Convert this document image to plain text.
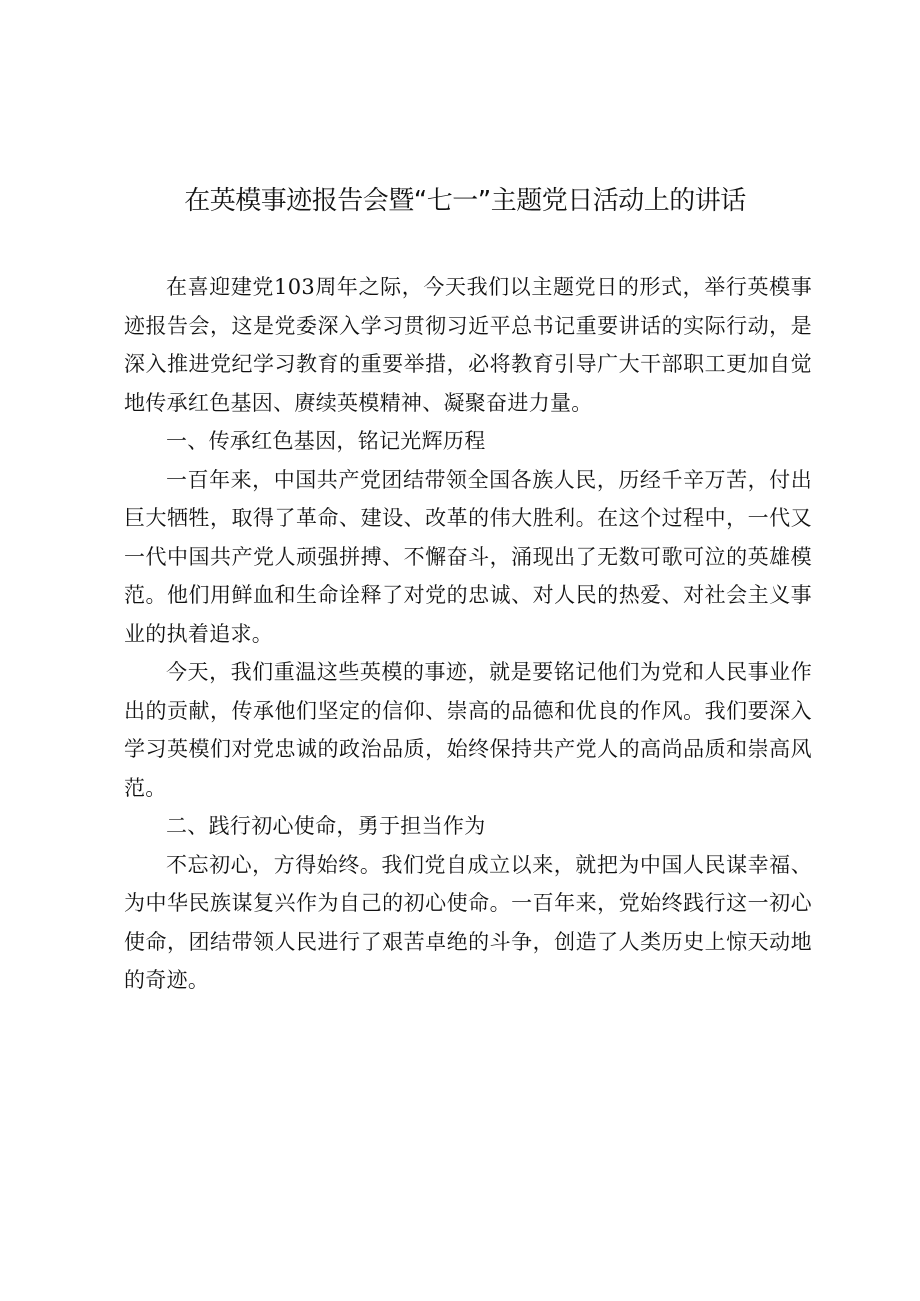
在英模事迹报告会暨“七一”主题党日活动上的讲话

在喜迎建党103周年之际，今天我们以主题党日的形式，举行英模事迹报告会，这是党委深入学习贯彻习近平总书记重要讲话的实际行动，是深入推进党纪学习教育的重要举措，必将教育引导广大干部职工更加自觉地传承红色基因、赓续英模精神、凝聚奋进力量。

一、传承红色基因，铭记光辉历程

一百年来，中国共产党团结带领全国各族人民，历经千辛万苦，付出巨大牺牲，取得了革命、建设、改革的伟大胜利。在这个过程中，一代又一代中国共产党人顽强拼搏、不懈奋斗，涌现出了无数可歌可泣的英雄模范。他们用鲜血和生命诠释了对党的忠诚、对人民的热爱、对社会主义事业的执着追求。

今天，我们重温这些英模的事迹，就是要铭记他们为党和人民事业作出的贡献，传承他们坚定的信仰、崇高的品德和优良的作风。我们要深入学习英模们对党忠诚的政治品质，始终保持共产党人的高尚品质和崇高风范。

二、践行初心使命，勇于担当作为

不忘初心，方得始终。我们党自成立以来，就把为中国人民谋幸福、为中华民族谋复兴作为自己的初心使命。一百年来，党始终践行这一初心使命，团结带领人民进行了艰苦卓绝的斗争，创造了人类历史上惊天动地的奇迹。
